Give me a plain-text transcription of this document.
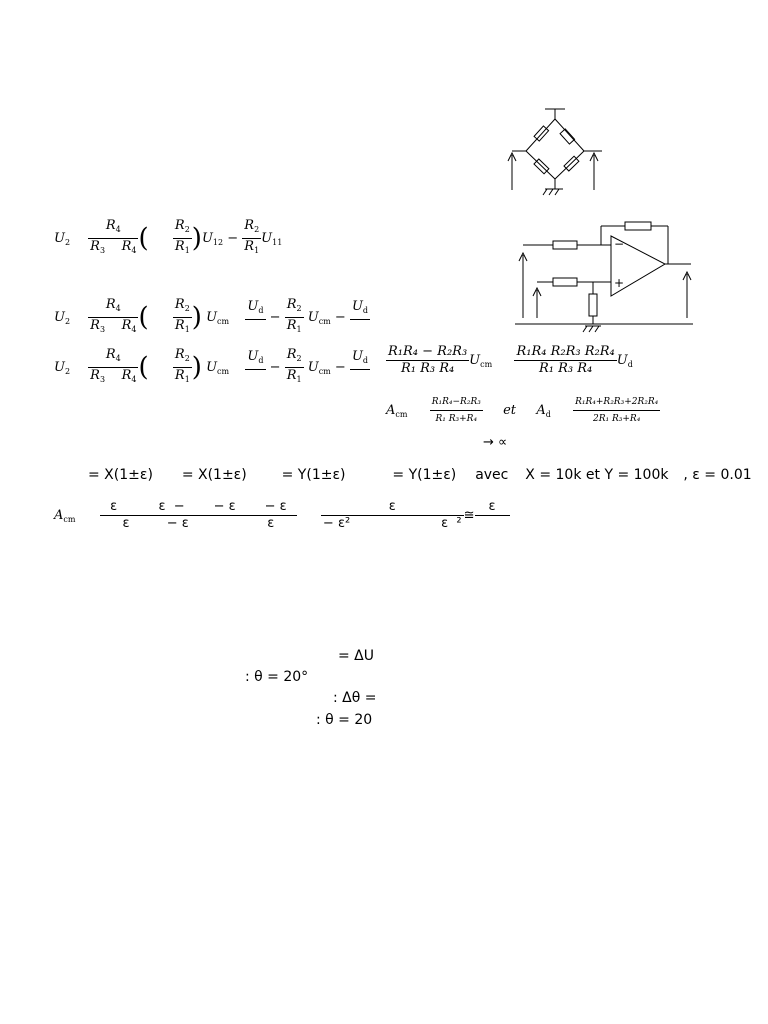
−
+
$U_2 \frac{R_4}{R_3 R_4}$ ( $\frac{R_2}{R_1} )U_{12} - \frac{R_2}{R_1} U_{11}$
$U_2 \frac{R_4}{R_3 R_4}$ ( $\frac{R_2}{R_1}$ ) $U_{cm}$
$U_d$
− $\frac{R_2}{R_1} U_{cm}$ −
$U_d$

$U_2 \frac{R_4}{R_3 R_4}$ ( $\frac{R_2}{R_1}$ ) $U_{cm}$
$U_d$
− $\frac{R_2}{R_1} U_{cm}$ −
$U_d$
$\frac{\text{R₁R₄ − R₂R₃}}{\text{R₁ R₃ R₄}} U_{cm} \frac{\text{R₁R₄ R₂R₃ R₂R₄}}{\text{R₁ R₃ R₄}} U_d$
$A_{cm} \frac{\text{R₁R₄−R₂R₃}}{\text{R₁ R₃+R₄}}$ et $A_d \frac{\text{R₁R₄+R₂R₃+2R₂R₄}}{\text{2R₁ R₃+R₄}}$
→ ∝
= X(1±ε) = X(1±ε) = Y(1±ε)	= Y(1±ε) avec X = 10k et Y = 100k , ε = 0.01
$A_{cm} \frac{\text{ε          ε  −       − ε       − ε}}{\text{ε         − ε                   ε}}$
$\frac{\varepsilon}{\text{− ε²                      ε  ²}}$ ≅
ε

= ΔU
: θ = 20°
: Δθ =
: θ = 20
